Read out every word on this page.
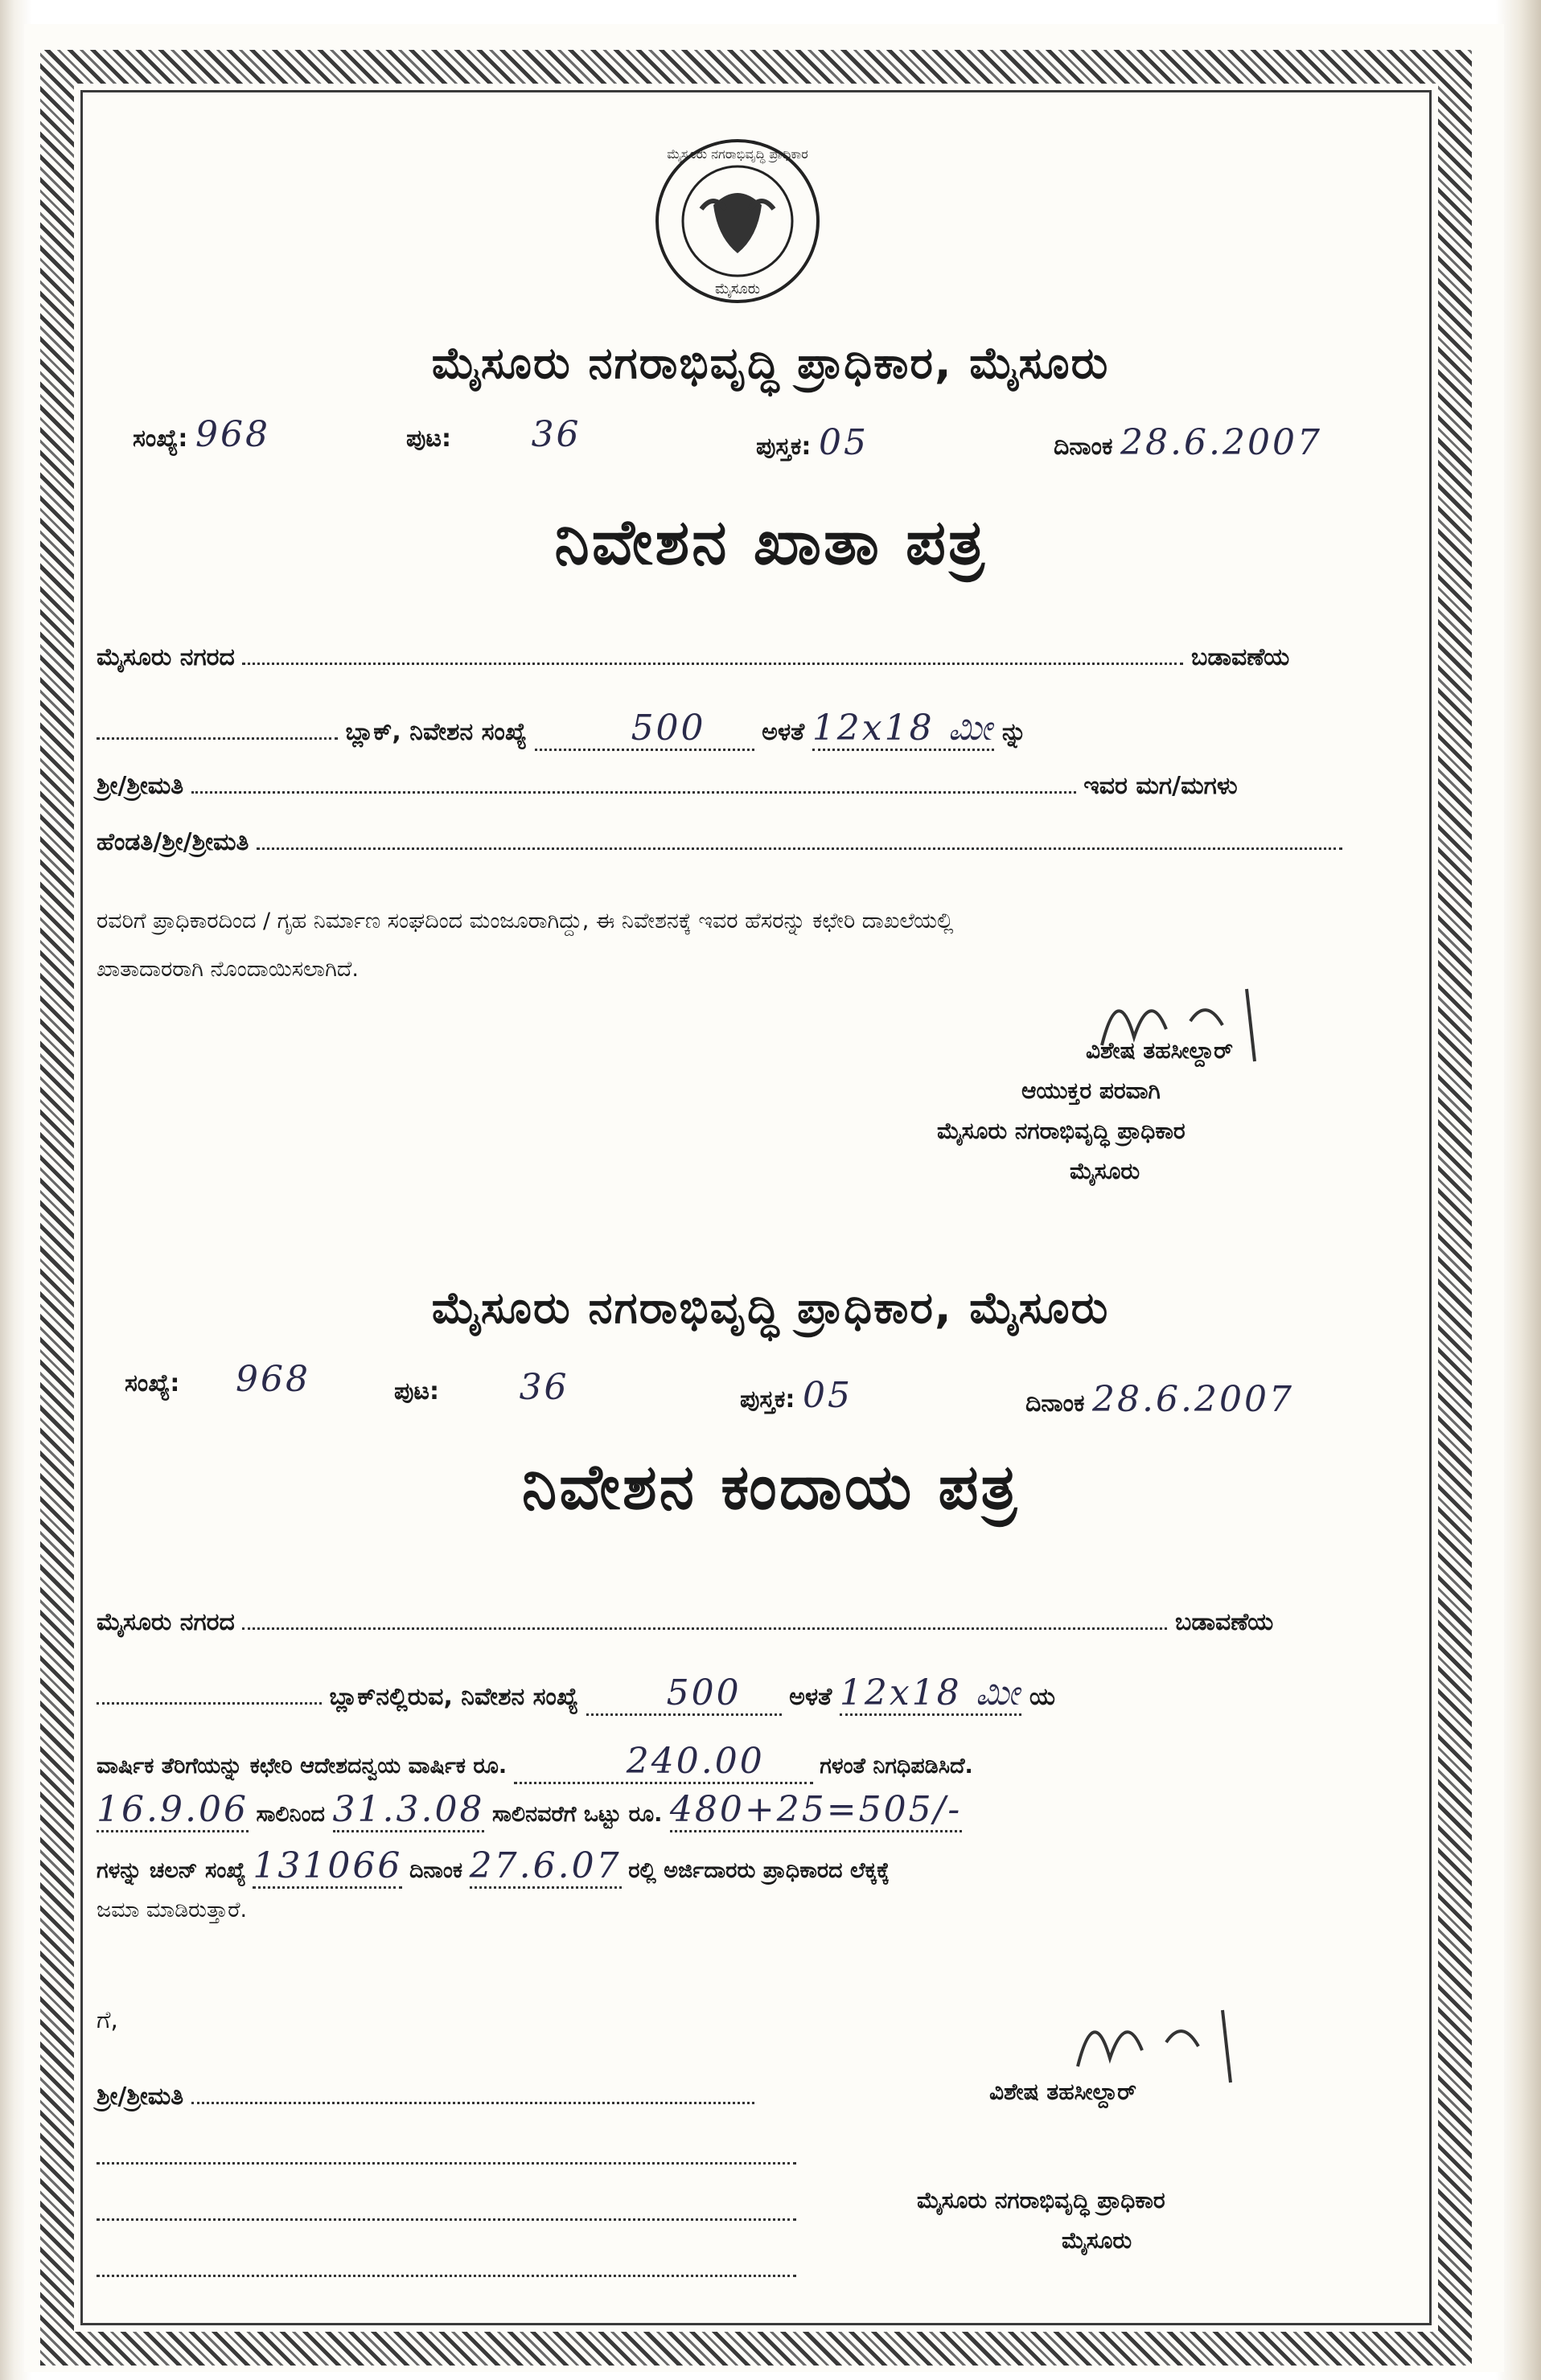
ಮೈಸೂರು ನಗರಾಭಿವೃದ್ಧಿ ಪ್ರಾಧಿಕಾರ
ಮೈಸೂರು
ಮೈಸೂರು ನಗರಾಭಿವೃದ್ಧಿ ಪ್ರಾಧಿಕಾರ, ಮೈಸೂರು
ಸಂಖ್ಯೆ: 968	ಪುಟ: 36	ಪುಸ್ತಕ: 05	ದಿನಾಂಕ 28.6.2007
ನಿವೇಶನ ಖಾತಾ ಪತ್ರ
ಮೈಸೂರು ನಗರದ	ಬಡಾವಣೆಯ
ಬ್ಲಾಕ್, ನಿವೇಶನ ಸಂಖ್ಯೆ	500 ಅಳತೆ 12x18 ಮೀ ನ್ನು
ಶ್ರೀ/ಶ್ರೀಮತಿ	ಇವರ ಮಗ/ಮಗಳು
ಹೆಂಡತಿ/ಶ್ರೀ/ಶ್ರೀಮತಿ
ರವರಿಗೆ ಪ್ರಾಧಿಕಾರದಿಂದ / ಗೃಹ ನಿರ್ಮಾಣ ಸಂಘದಿಂದ ಮಂಜೂರಾಗಿದ್ದು, ಈ ನಿವೇಶನಕ್ಕೆ ಇವರ ಹೆಸರನ್ನು ಕಛೇರಿ ದಾಖಲೆಯಲ್ಲಿ
ಖಾತಾದಾರರಾಗಿ ನೊಂದಾಯಿಸಲಾಗಿದೆ.
ವಿಶೇಷ ತಹಸೀಲ್ದಾರ್
ಆಯುಕ್ತರ ಪರವಾಗಿ
ಮೈಸೂರು ನಗರಾಭಿವೃದ್ಧಿ ಪ್ರಾಧಿಕಾರ
ಮೈಸೂರು
ಮೈಸೂರು ನಗರಾಭಿವೃದ್ಧಿ ಪ್ರಾಧಿಕಾರ, ಮೈಸೂರು
ಸಂಖ್ಯೆ: 968	ಪುಟ: 36	ಪುಸ್ತಕ: 05	ದಿನಾಂಕ 28.6.2007
ನಿವೇಶನ ಕಂದಾಯ ಪತ್ರ
ಮೈಸೂರು ನಗರದ	ಬಡಾವಣೆಯ
ಬ್ಲಾಕ್‌ನಲ್ಲಿರುವ, ನಿವೇಶನ ಸಂಖ್ಯೆ 500 ಅಳತೆ 12x18 ಮೀ ಯ
ವಾರ್ಷಿಕ ತೆರಿಗೆಯನ್ನು ಕಛೇರಿ ಆದೇಶದನ್ವಯ ವಾರ್ಷಿಕ ರೂ.	240.00	ಗಳಂತೆ ನಿಗಧಿಪಡಿಸಿದೆ.
16.9.06 ಸಾಲಿನಿಂದ 31.3.08 ಸಾಲಿನವರೆಗೆ ಒಟ್ಟು ರೂ. 480+25=505/-
ಗಳನ್ನು ಚಲನ್ ಸಂಖ್ಯೆ 131066 ದಿನಾಂಕ 27.6.07 ರಲ್ಲಿ ಅರ್ಜಿದಾರರು ಪ್ರಾಧಿಕಾರದ ಲೆಕ್ಕಕ್ಕೆ
ಜಮಾ ಮಾಡಿರುತ್ತಾರೆ.
ಗೆ,
ಶ್ರೀ/ಶ್ರೀಮತಿ	ವಿಶೇಷ ತಹಸೀಲ್ದಾರ್
ಮೈಸೂರು ನಗರಾಭಿವೃದ್ಧಿ ಪ್ರಾಧಿಕಾರ
ಮೈಸೂರು
